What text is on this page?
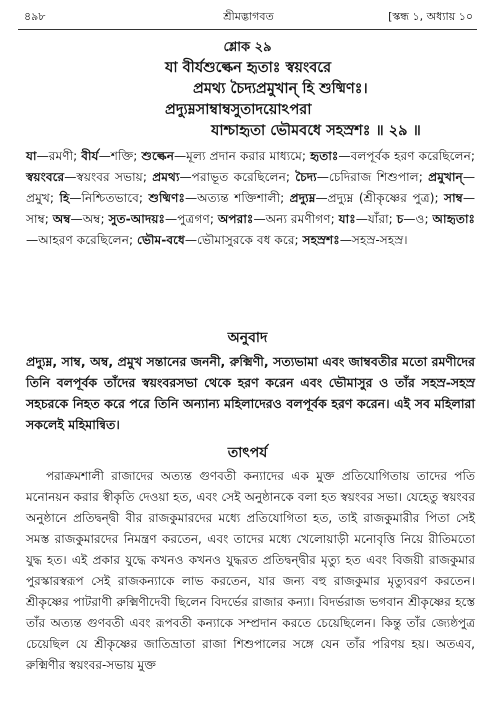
৪৯৮	শ্রীমদ্ভাগবত	[স্কন্ধ ১, অধ্যায় ১০
শ্লোক ২৯
যা বীর্যশুল্কেন হৃতাঃ স্বয়ংবরে
প্রমথ্য চৈদ্যপ্রমুখান্ হি শুষ্মিণঃ।
প্রদ্যুম্নসাম্বাম্বসুতাদয়োঽপরা
যাশ্চাহৃতা ভৌমবধে সহস্রশঃ ॥ ২৯ ॥
যা—রমণী; বীর্য—শক্তি; শুল্কেন—মূল্য প্রদান করার মাধ্যমে; হৃতাঃ—বলপূর্বক হরণ করেছিলেন; স্বয়ংবরে—স্বয়ংবর সভায়; প্রমথ্য—পরাভূত করেছিলেন; চৈদ্য—চেদিরাজ শিশুপাল; প্রমুখান্—প্রমুখ; হি—নিশ্চিতভাবে; শুষ্মিণঃ—অত্যন্ত শক্তিশালী; প্রদ্যুম্ন—প্রদ্যুম্ন (শ্রীকৃষ্ণের পুত্র); সাম্ব—সাম্ব; অম্ব—অম্ব; সুত-আদয়ঃ—পুত্রগণ; অপরাঃ—অন্য রমণীগণ; যাঃ—যাঁরা; চ—ও; আহৃতাঃ—আহরণ করেছিলেন; ভৌম-বধে—ভৌমাসুরকে বধ করে; সহস্রশঃ—সহস্র-সহস্র।
অনুবাদ
প্রদ্যুম্ন, সাম্ব, অম্ব, প্রমুখ সন্তানের জননী, রুক্মিণী, সত্যভামা এবং জাম্ববতীর মতো রমণীদের তিনি বলপূর্বক তাঁদের স্বয়ংবরসভা থেকে হরণ করেন এবং ভৌমাসুর ও তাঁর সহস্র-সহস্র সহচরকে নিহত করে পরে তিনি অন্যান্য মহিলাদেরও বলপূর্বক হরণ করেন। এই সব মহিলারা সকলেই মহিমান্বিত।
তাৎপর্য

পরাক্রমশালী রাজাদের অত্যন্ত গুণবতী কন্যাদের এক মুক্ত প্রতিযোগিতায় তাদের পতি মনোনয়ন করার স্বীকৃতি দেওয়া হত, এবং সেই অনুষ্ঠানকে বলা হত স্বয়ংবর সভা। যেহেতু স্বয়ংবর অনুষ্ঠানে প্রতিদ্বন্দ্বী বীর রাজকুমারদের মধ্যে প্রতিযোগিতা হত, তাই রাজকুমারীর পিতা সেই সমস্ত রাজকুমারদের নিমন্ত্রণ করতেন, এবং তাদের মধ্যে খেলোয়াড়ী মনোবৃত্তি নিয়ে রীতিমতো যুদ্ধ হত। এই প্রকার যুদ্ধে কখনও কখনও যুদ্ধরত প্রতিদ্বন্দ্বীর মৃত্যু হত এবং বিজয়ী রাজকুমার পুরস্কারস্বরূপ সেই রাজকন্যাকে লাভ করতেন, যার জন্য বহু রাজকুমার মৃত্যুবরণ করতেন। শ্রীকৃষ্ণের পাটরাণী রুক্মিণীদেবী ছিলেন বিদর্ভের রাজার কন্যা। বিদর্ভরাজ ভগবান শ্রীকৃষ্ণের হস্তে তাঁর অত্যন্ত গুণবতী এবং রূপবতী কন্যাকে সম্প্রদান করতে চেয়েছিলেন। কিন্তু তাঁর জ্যেষ্ঠপুত্র চেয়েছিল যে শ্রীকৃষ্ণের জাতিভ্রাতা রাজা শিশুপালের সঙ্গে যেন তাঁর পরিণয় হয়। অতএব, রুক্মিণীর স্বয়ংবর-সভায় মুক্ত
